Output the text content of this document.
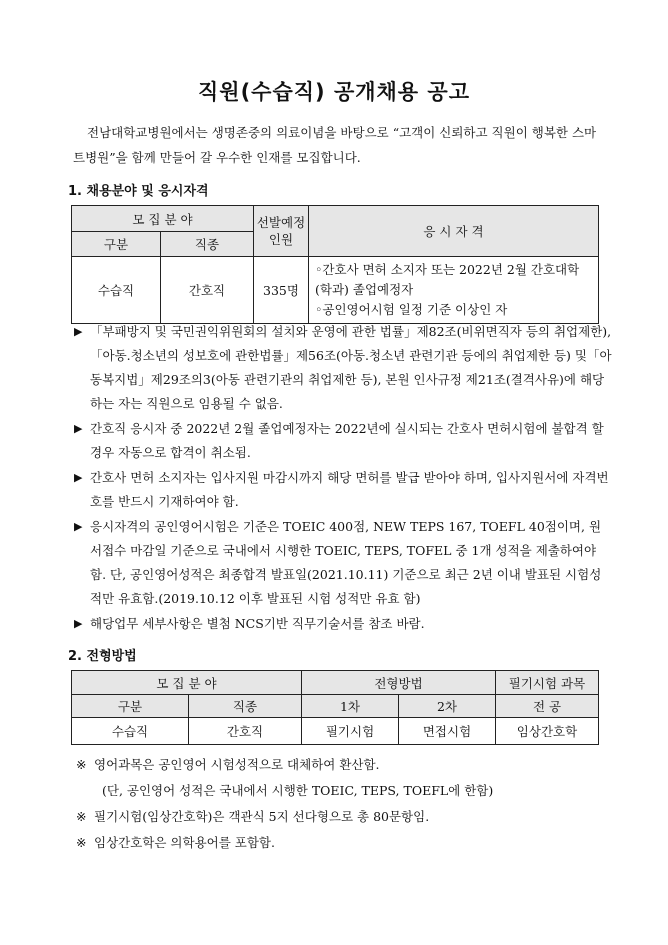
직원(수습직) 공개채용 공고
전남대학교병원에서는 생명존중의 의료이념을 바탕으로 “고객이 신뢰하고 직원이 행복한 스마트병원”을 함께 만들어 갈 우수한 인재를 모집합니다.
1. 채용분야 및 응시자격
모 집 분 야		선발예정 인원	응 시 자 격
구분	직종		
수습직	간호직	335명	◦간호사 면허 소지자 또는 2022년 2월 간호대학(학과) 졸업예정자
◦공인영어시험 일정 기준 이상인 자
▶ 「부패방지 및 국민권익위원회의 설치와 운영에 관한 법률」제82조(비위면직자 등의 취업제한), 「아동.청소년의 성보호에 관한법률」제56조(아동.청소년 관련기관 등에의 취업제한 등) 및「아동복지법」제29조의3(아동 관련기관의 취업제한 등), 본원 인사규정 제21조(결격사유)에 해당하는 자는 직원으로 임용될 수 없음.
▶ 간호직 응시자 중 2022년 2월 졸업예정자는 2022년에 실시되는 간호사 면허시험에 불합격 할 경우 자동으로 합격이 취소됨.
▶ 간호사 면허 소지자는 입사지원 마감시까지 해당 면허를 발급 받아야 하며, 입사지원서에 자격번호를 반드시 기재하여야 함.
▶ 응시자격의 공인영어시험은 기준은 TOEIC 400점, NEW TEPS 167, TOEFL 40점이며, 원서접수 마감일 기준으로 국내에서 시행한 TOEIC, TEPS, TOFEL 중 1개 성적을 제출하여야 함. 단, 공인영어성적은 최종합격 발표일(2021.10.11) 기준으로 최근 2년 이내 발표된 시험성적만 유효함.(2019.10.12 이후 발표된 시험 성적만 유효 함)
▶ 해당업무 세부사항은 별첨 NCS기반 직무기술서를 참조 바람.
2. 전형방법
모 집 분 야		전형방법		필기시험 과목
구분	직종	1차	2차	전 공
수습직	간호직	필기시험	면접시험	임상간호학
※ 영어과목은 공인영어 시험성적으로 대체하여 환산함.
(단, 공인영어 성적은 국내에서 시행한 TOEIC, TEPS, TOEFL에 한함)
※ 필기시험(임상간호학)은 객관식 5지 선다형으로 총 80문항임.
※ 임상간호학은 의학용어를 포함함.
